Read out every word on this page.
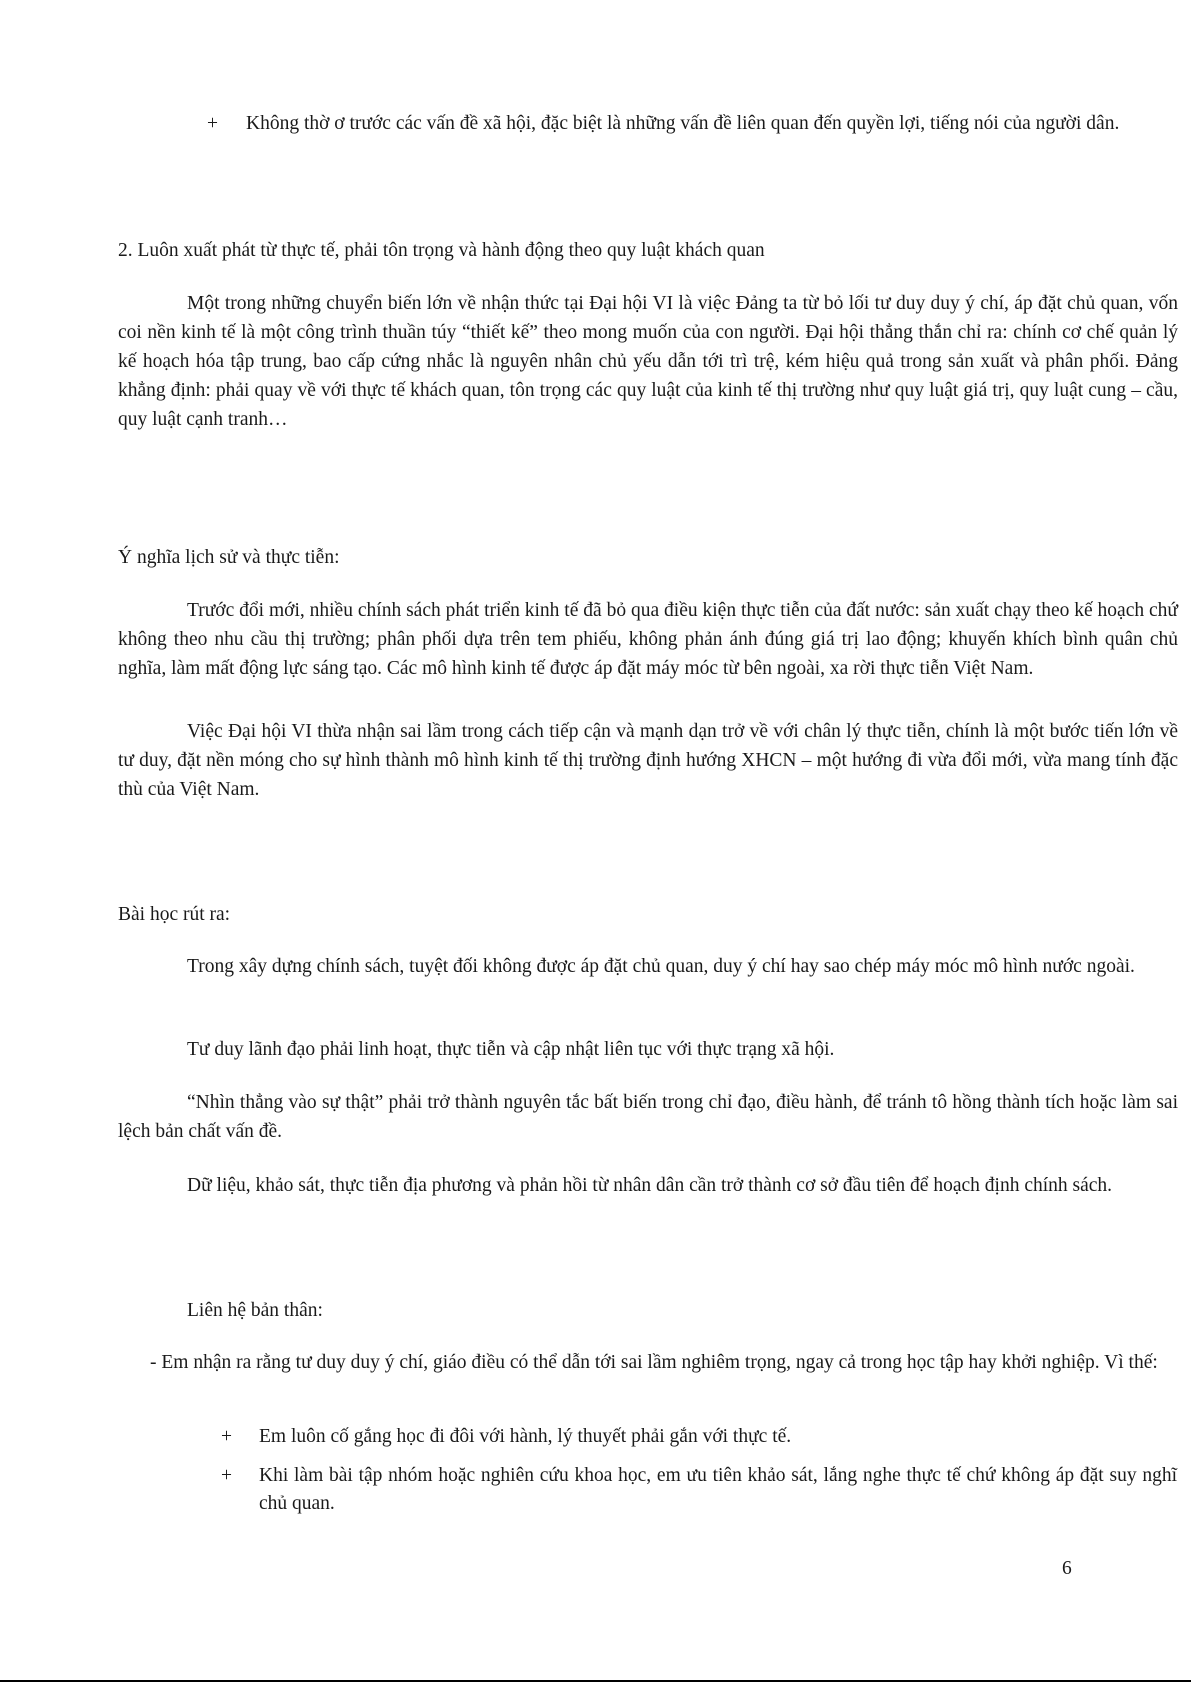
+ Không thờ ơ trước các vấn đề xã hội, đặc biệt là những vấn đề liên quan đến quyền lợi, tiếng nói của người dân.
2. Luôn xuất phát từ thực tế, phải tôn trọng và hành động theo quy luật khách quan
Một trong những chuyển biến lớn về nhận thức tại Đại hội VI là việc Đảng ta từ bỏ lối tư duy duy ý chí, áp đặt chủ quan, vốn coi nền kinh tế là một công trình thuần túy “thiết kế” theo mong muốn của con người. Đại hội thẳng thắn chỉ ra: chính cơ chế quản lý kế hoạch hóa tập trung, bao cấp cứng nhắc là nguyên nhân chủ yếu dẫn tới trì trệ, kém hiệu quả trong sản xuất và phân phối. Đảng khẳng định: phải quay về với thực tế khách quan, tôn trọng các quy luật của kinh tế thị trường như quy luật giá trị, quy luật cung – cầu, quy luật cạnh tranh…
Ý nghĩa lịch sử và thực tiễn:
Trước đổi mới, nhiều chính sách phát triển kinh tế đã bỏ qua điều kiện thực tiễn của đất nước: sản xuất chạy theo kế hoạch chứ không theo nhu cầu thị trường; phân phối dựa trên tem phiếu, không phản ánh đúng giá trị lao động; khuyến khích bình quân chủ nghĩa, làm mất động lực sáng tạo. Các mô hình kinh tế được áp đặt máy móc từ bên ngoài, xa rời thực tiễn Việt Nam.
Việc Đại hội VI thừa nhận sai lầm trong cách tiếp cận và mạnh dạn trở về với chân lý thực tiễn, chính là một bước tiến lớn về tư duy, đặt nền móng cho sự hình thành mô hình kinh tế thị trường định hướng XHCN – một hướng đi vừa đổi mới, vừa mang tính đặc thù của Việt Nam.
Bài học rút ra:
Trong xây dựng chính sách, tuyệt đối không được áp đặt chủ quan, duy ý chí hay sao chép máy móc mô hình nước ngoài.
Tư duy lãnh đạo phải linh hoạt, thực tiễn và cập nhật liên tục với thực trạng xã hội.
“Nhìn thẳng vào sự thật” phải trở thành nguyên tắc bất biến trong chỉ đạo, điều hành, để tránh tô hồng thành tích hoặc làm sai lệch bản chất vấn đề.
Dữ liệu, khảo sát, thực tiễn địa phương và phản hồi từ nhân dân cần trở thành cơ sở đầu tiên để hoạch định chính sách.
Liên hệ bản thân:
- Em nhận ra rằng tư duy duy ý chí, giáo điều có thể dẫn tới sai lầm nghiêm trọng, ngay cả trong học tập hay khởi nghiệp. Vì thế:
+ Em luôn cố gắng học đi đôi với hành, lý thuyết phải gắn với thực tế.
+ Khi làm bài tập nhóm hoặc nghiên cứu khoa học, em ưu tiên khảo sát, lắng nghe thực tế chứ không áp đặt suy nghĩ chủ quan.
6
